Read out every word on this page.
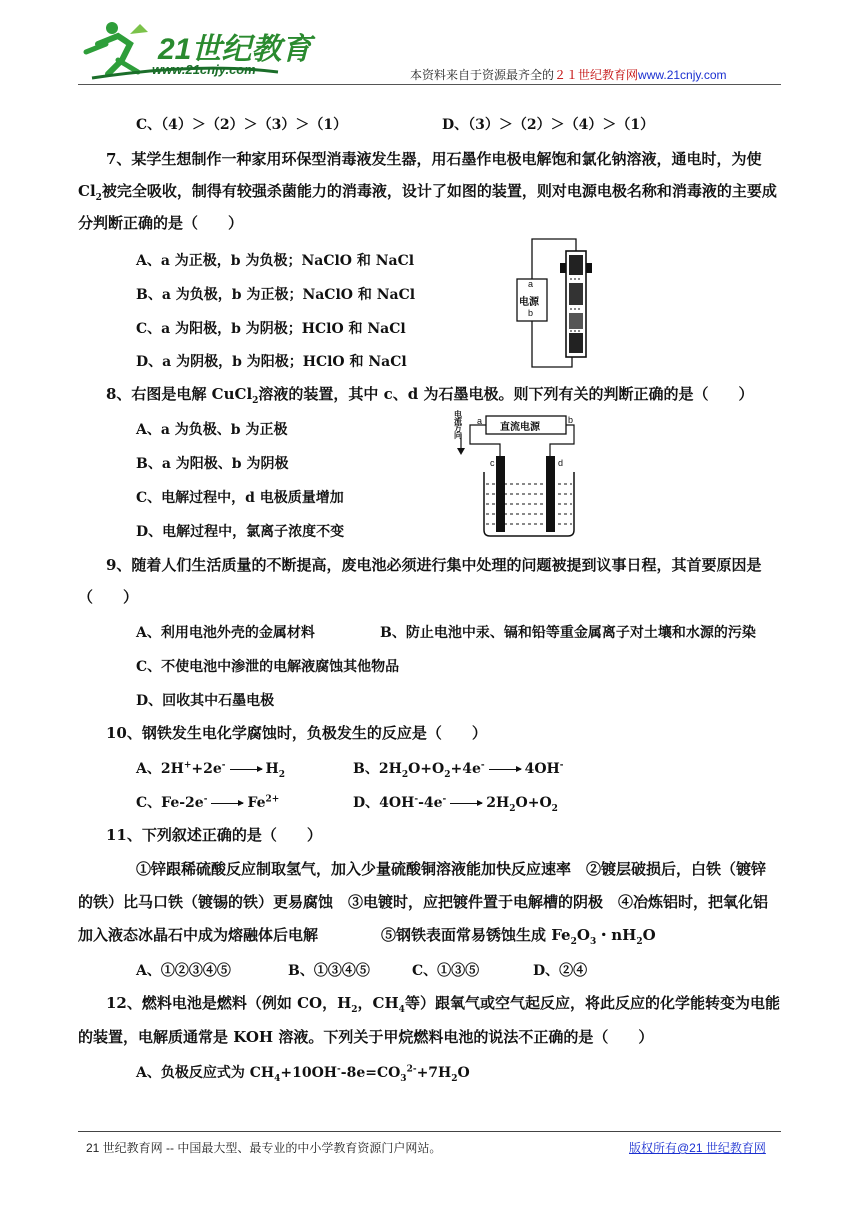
21世纪教育
www.21cnjy.com	本资料来自于资源最齐全的２１世纪教育网www.21cnjy.com
C、（4）＞（2）＞（3）＞（1）	D、（3）＞（2）＞（4）＞（1）
7、某学生想制作一种家用环保型消毒液发生器，用石墨作电极电解饱和氯化钠溶液，通电时，为使
$Cl_2$被完全吸收，制得有较强杀菌能力的消毒液，设计了如图的装置，则对电源电极名称和消毒液的主要成
分判断正确的是（　　）
A、a 为正极，b 为负极；NaClO 和 NaCl
B、a 为负极，b 为正极；NaClO 和 NaCl
C、a 为阳极，b 为阴极；HClO 和 NaCl
D、a 为阴极，b 为阳极；HClO 和 NaCl
a
电源
b
8、右图是电解 CuCl$_2$溶液的装置，其中 c、d 为石墨电极。则下列有关的判断正确的是（　　）
A、a 为负极、b 为正极
B、a 为阳极、b 为阴极
C、电解过程中，d 电极质量增加
D、电解过程中，氯离子浓度不变
电流方向
a
直流电源
b
c	d
9、随着人们生活质量的不断提高，废电池必须进行集中处理的问题被提到议事日程，其首要原因是
（　　）
A、利用电池外壳的金属材料	B、防止电池中汞、镉和铅等重金属离子对土壤和水源的污染
C、不使电池中渗泄的电解液腐蚀其他物品
D、回收其中石墨电极
10、钢铁发生电化学腐蚀时，负极发生的反应是（　　）
A、$2H^++2e^- \to H_2$	B、$2H_2O+O_2+4e^- \to 4OH^-$
C、$Fe-2e^- \to Fe^{2+}$	D、$4OH^--4e^- \to 2H_2O+O_2$
11、下列叙述正确的是（　　）
①锌跟稀硫酸反应制取氢气，加入少量硫酸铜溶液能加快反应速率　②镀层破损后，白铁（镀锌
的铁）比马口铁（镀锡的铁）更易腐蚀　③电镀时，应把镀件置于电解槽的阴极　④冶炼铝时，把氧化铝
加入液态冰晶石中成为熔融体后电解	⑤钢铁表面常易锈蚀生成 $Fe_2O_3$・$nH_2O$
A、①②③④⑤	B、①③④⑤	C、①③⑤	D、②④
12、燃料电池是燃料（例如 CO，$H_2$，$CH_4$等）跟氧气或空气起反应，将此反应的化学能转变为电能
的装置，电解质通常是 KOH 溶液。下列关于甲烷燃料电池的说法不正确的是（　　）
A、负极反应式为 $CH_4+10OH^--8e=CO_3^{2-}+7H_2O$
21 世纪教育网 -- 中国最大型、最专业的中小学教育资源门户网站。	版权所有@21 世纪教育网
